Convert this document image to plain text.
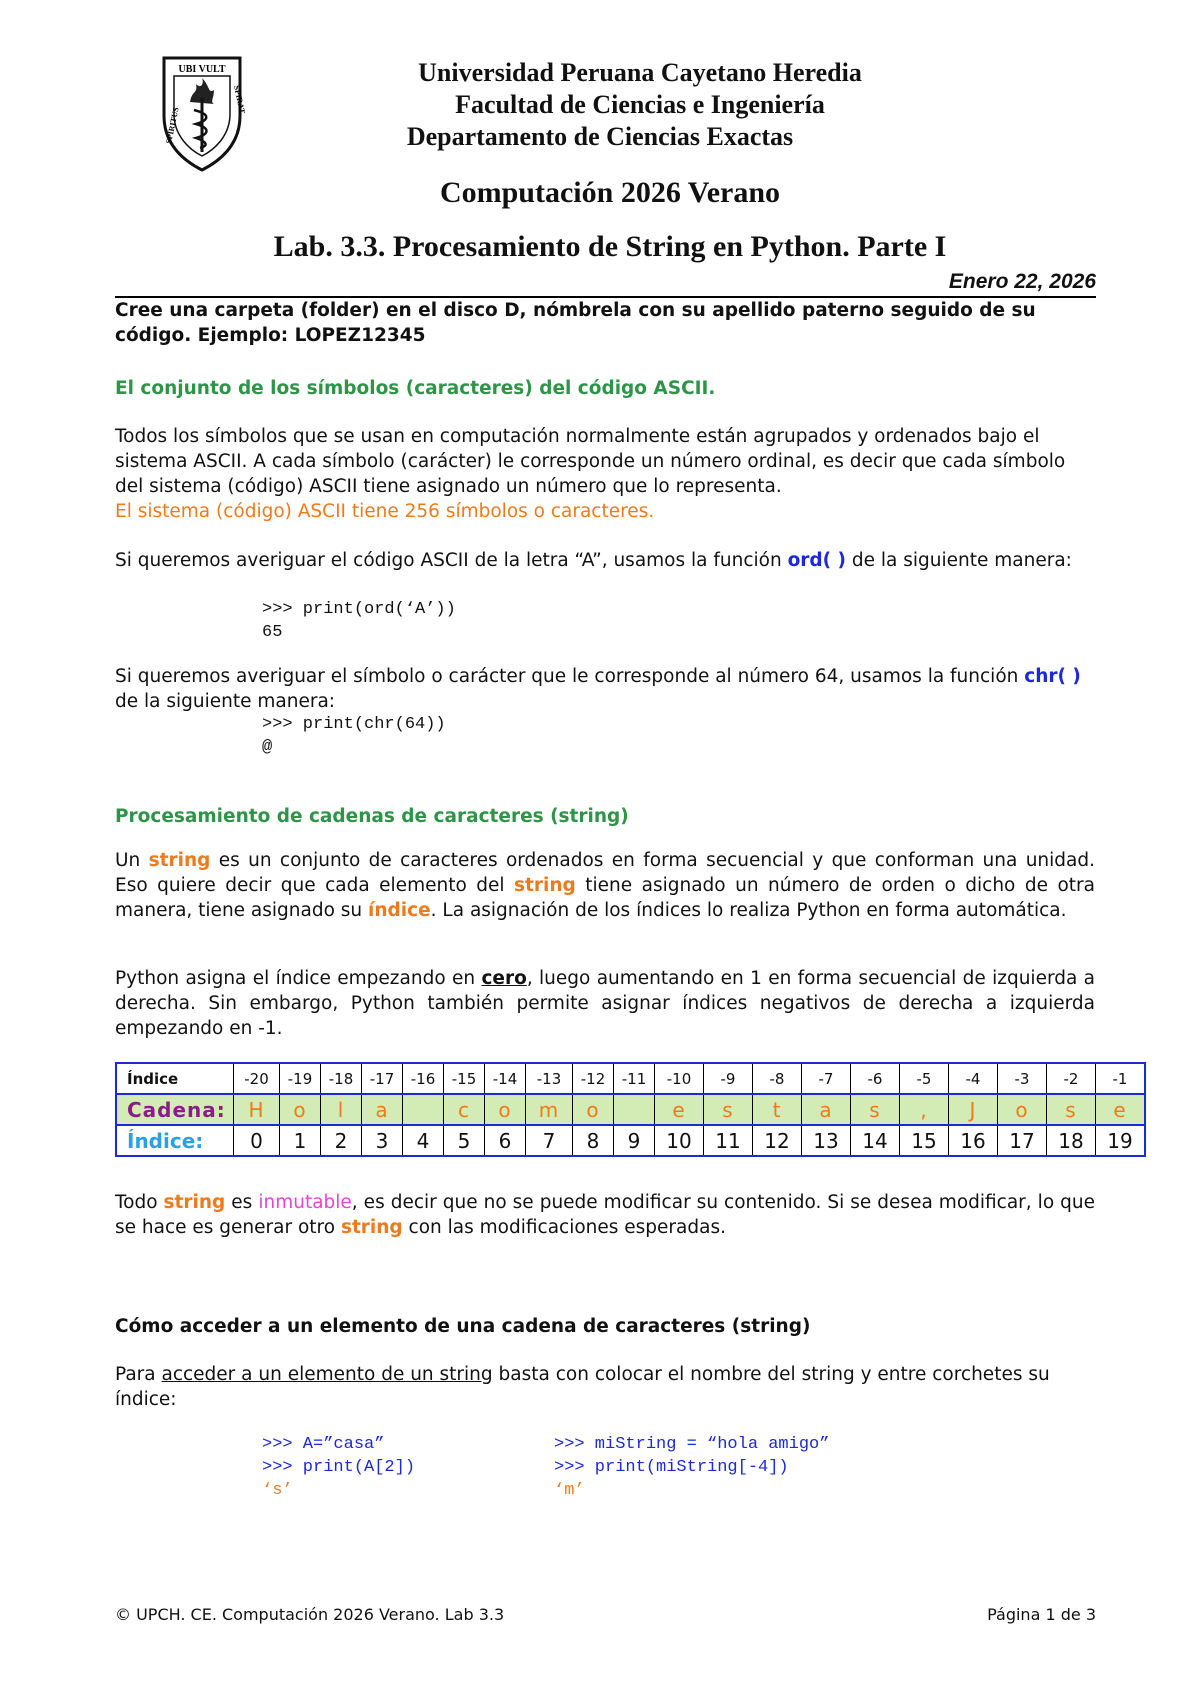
UBI VULT
SPIRITUS
SPIRAT
Universidad Peruana Cayetano Heredia
Facultad de Ciencias e Ingeniería
Departamento de Ciencias Exactas
Computación 2026 Verano
Lab. 3.3. Procesamiento de String en Python. Parte I
Enero 22, 2026
Cree una carpeta (folder) en el disco D, nómbrela con su apellido paterno seguido de su código. Ejemplo: LOPEZ12345
El conjunto de los símbolos (caracteres) del código ASCII.
Todos los símbolos que se usan en computación normalmente están agrupados y ordenados bajo el sistema ASCII. A cada símbolo (carácter) le corresponde un número ordinal, es decir que cada símbolo del sistema (código) ASCII tiene asignado un número que lo representa.
El sistema (código) ASCII tiene 256 símbolos o caracteres.
Si queremos averiguar el código ASCII de la letra “A”, usamos la función ord( ) de la siguiente manera:
>>> print(ord(‘A’))
65
Si queremos averiguar el símbolo o carácter que le corresponde al número 64, usamos la función chr( ) de la siguiente manera:
>>> print(chr(64))
@
Procesamiento de cadenas de caracteres (string)
Un string es un conjunto de caracteres ordenados en forma secuencial y que conforman una unidad. Eso quiere decir que cada elemento del string tiene asignado un número de orden o dicho de otra manera, tiene asignado su índice. La asignación de los índices lo realiza Python en forma automática.
Python asigna el índice empezando en cero, luego aumentando en 1 en forma secuencial de izquierda a derecha. Sin embargo, Python también permite asignar índices negativos de derecha a izquierda empezando en -1.
Índice	-20	-19	-18	-17	-16	-15	-14	-13	-12	-11	-10	-9	-8	-7	-6	-5	-4	-3	-2	-1
Cadena:	H	o	l	a		c	o	m	o		e	s	t	a	s	,	J	o	s	e
Índice:	0	1	2	3	4	5	6	7	8	9	10	11	12	13	14	15	16	17	18	19
Todo string es inmutable, es decir que no se puede modificar su contenido. Si se desea modificar, lo que se hace es generar otro string con las modificaciones esperadas.
Cómo acceder a un elemento de una cadena de caracteres (string)
Para acceder a un elemento de un string basta con colocar el nombre del string y entre corchetes su índice:
>>> A=”casa”
>>> print(A[2])
‘s’
>>> miString = “hola amigo”
>>> print(miString[-4])
‘m’
© UPCH. CE. Computación 2026 Verano. Lab 3.3	Página 1 de 3
